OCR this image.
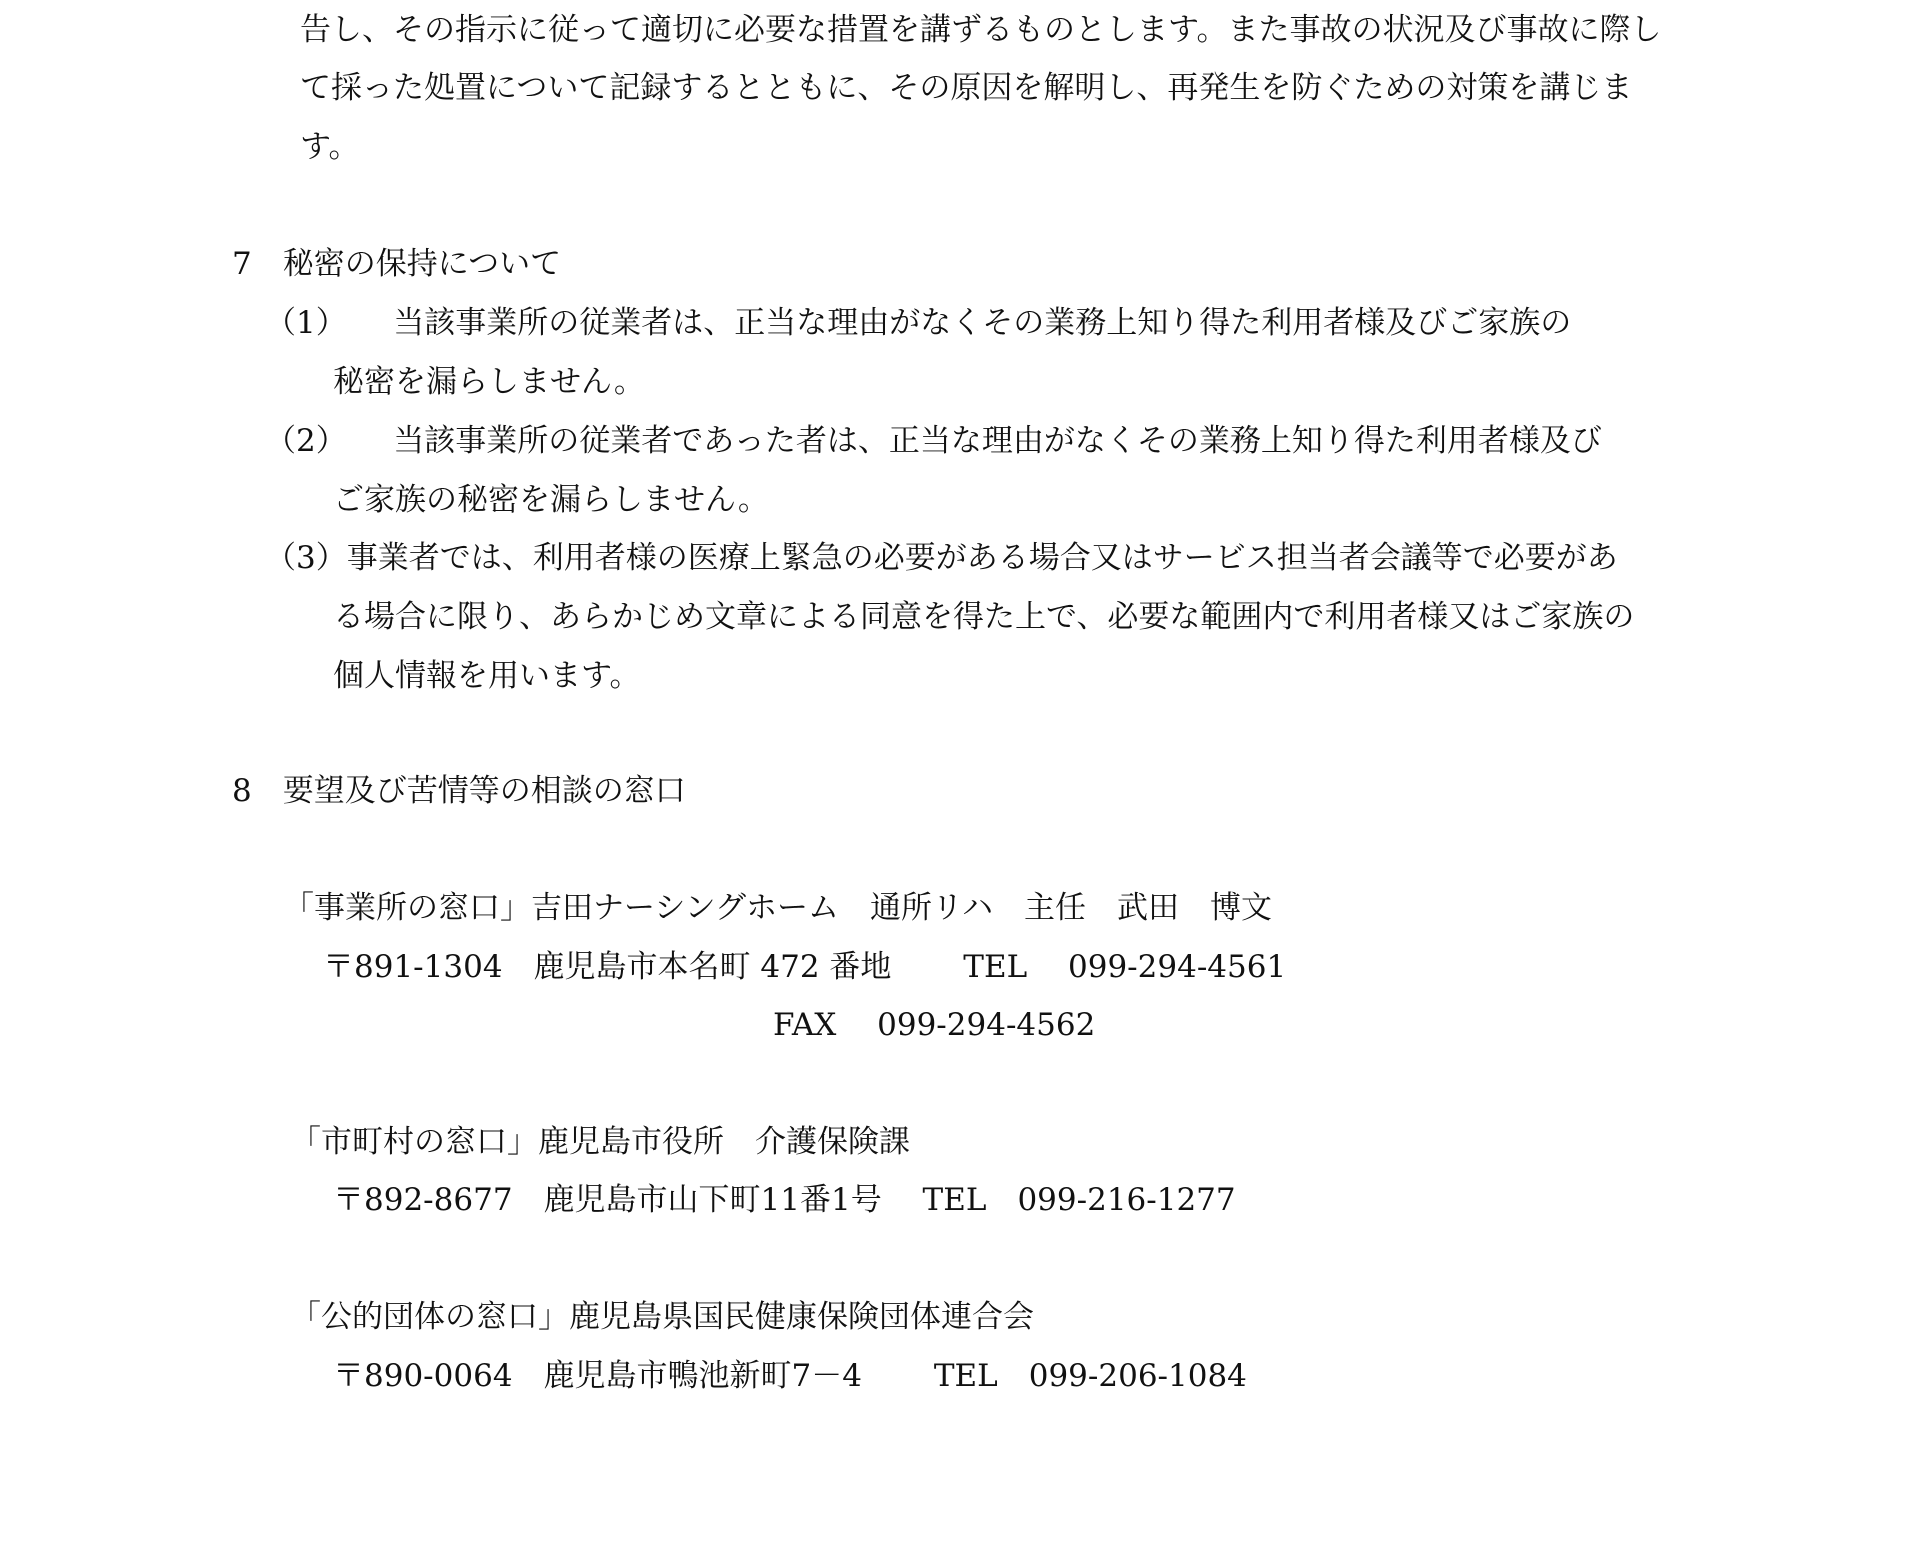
告し、その指示に従って適切に必要な措置を講ずるものとします。また事故の状況及び事故に際し
て採った処置について記録するとともに、その原因を解明し、再発生を防ぐための対策を講じま
す。
7　秘密の保持について
（1）　　当該事業所の従業者は、正当な理由がなくその業務上知り得た利用者様及びご家族の
秘密を漏らしません。
（2）　　当該事業所の従業者であった者は、正当な理由がなくその業務上知り得た利用者様及び
ご家族の秘密を漏らしません。
（3）事業者では、利用者様の医療上緊急の必要がある場合又はサービス担当者会議等で必要があ
る場合に限り、あらかじめ文章による同意を得た上で、必要な範囲内で利用者様又はご家族の
個人情報を用います。
8　要望及び苦情等の相談の窓口
「事業所の窓口」吉田ナーシングホーム　通所リハ　主任　武田　博文
〒891-1304　鹿児島市本名町 472 番地　　 TEL　 099-294-4561
FAX　 099-294-4562
「市町村の窓口」鹿児島市役所　介護保険課
〒892-8677　鹿児島市山下町11番1号　 TEL　099-216-1277
「公的団体の窓口」鹿児島県国民健康保険団体連合会
〒890-0064　鹿児島市鴨池新町7－4　　 TEL　099-206-1084
